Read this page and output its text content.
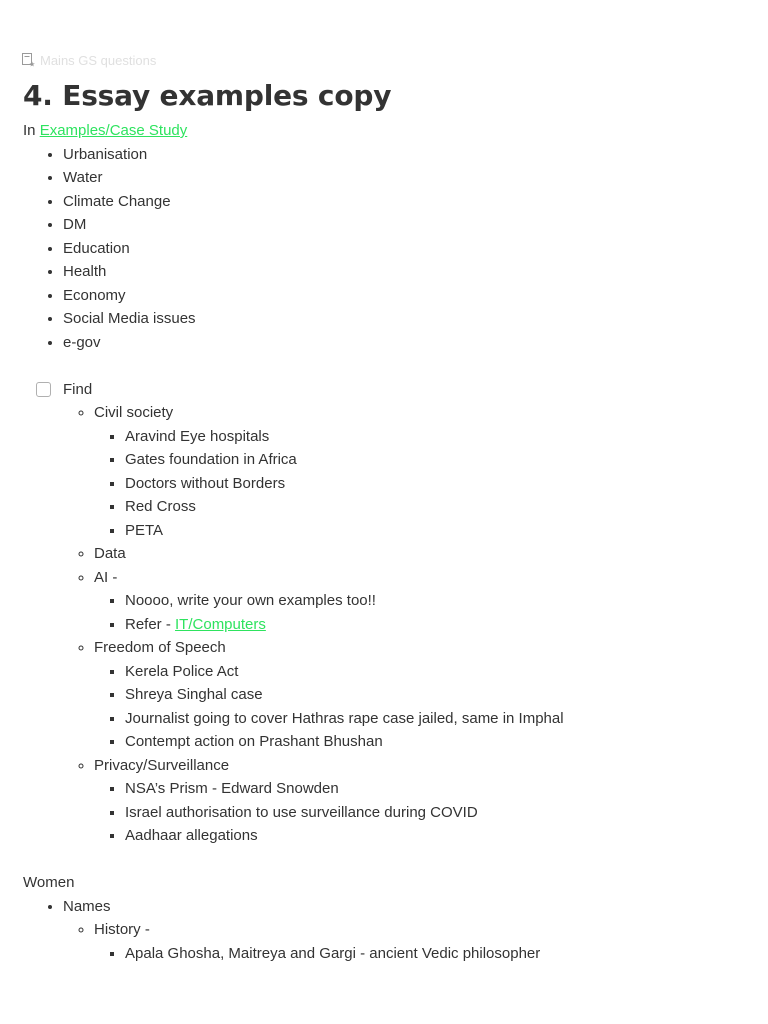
★ Mains GS questions
4. Essay examples copy

In Examples/Case Study

• Urbanisation
• Water
• Climate Change
• DM
• Education
• Health
• Economy
• Social Media issues
• e-gov
Find
◦ Civil society
▪ Aravind Eye hospitals
▪ Gates foundation in Africa
▪ Doctors without Borders
▪ Red Cross
▪ PETA
◦ Data
◦ AI -
▪ Noooo, write your own examples too!!
▪ Refer - IT/Computers
◦ Freedom of Speech
▪ Kerela Police Act
▪ Shreya Singhal case
▪ Journalist going to cover Hathras rape case jailed, same in Imphal
▪ Contempt action on Prashant Bhushan
◦ Privacy/Surveillance
▪ NSA’s Prism - Edward Snowden
▪ Israel authorisation to use surveillance during COVID
▪ Aadhaar allegations

Women

• Names
◦ History -
▪ Apala Ghosha, Maitreya and Gargi - ancient Vedic philosopher
